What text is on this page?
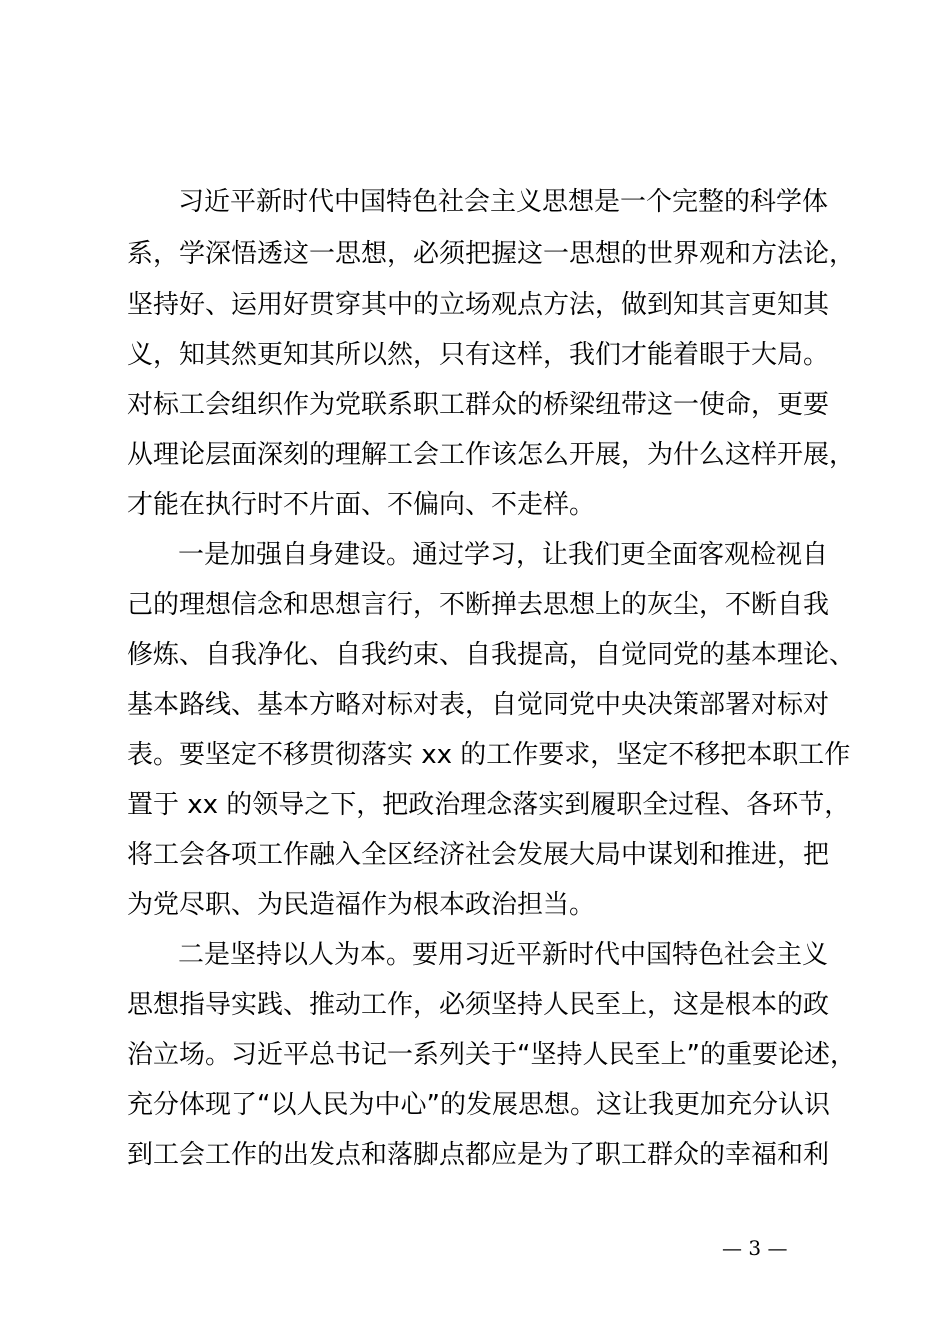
习近平新时代中国特色社会主义思想是一个完整的科学体
系，学深悟透这一思想，必须把握这一思想的世界观和方法论，
坚持好、运用好贯穿其中的立场观点方法，做到知其言更知其
义，知其然更知其所以然，只有这样，我们才能着眼于大局。
对标工会组织作为党联系职工群众的桥梁纽带这一使命，更要
从理论层面深刻的理解工会工作该怎么开展，为什么这样开展，
才能在执行时不片面、不偏向、不走样。
一是加强自身建设。通过学习，让我们更全面客观检视自
己的理想信念和思想言行，不断掸去思想上的灰尘，不断自我
修炼、自我净化、自我约束、自我提高，自觉同党的基本理论、
基本路线、基本方略对标对表，自觉同党中央决策部署对标对
表。要坚定不移贯彻落实 xx 的工作要求，坚定不移把本职工作
置于 xx 的领导之下，把政治理念落实到履职全过程、各环节，
将工会各项工作融入全区经济社会发展大局中谋划和推进，把
为党尽职、为民造福作为根本政治担当。
二是坚持以人为本。要用习近平新时代中国特色社会主义
思想指导实践、推动工作，必须坚持人民至上，这是根本的政
治立场。习近平总书记一系列关于“坚持人民至上”的重要论述，
充分体现了“以人民为中心”的发展思想。这让我更加充分认识
到工会工作的出发点和落脚点都应是为了职工群众的幸福和利
— 3 —
